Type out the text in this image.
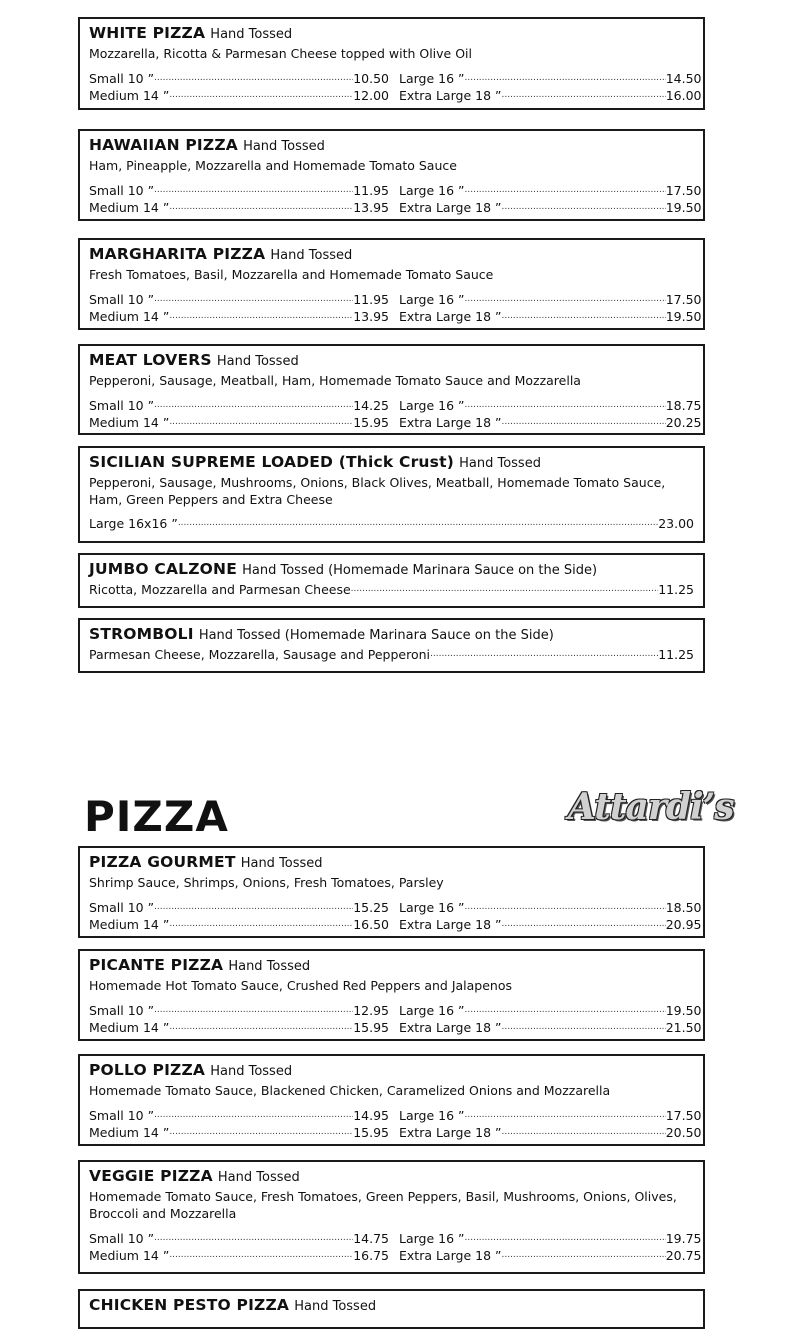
WHITE PIZZA Hand Tossed
Mozzarella, Ricotta & Parmesan Cheese topped with Olive Oil
Small 10 ” .....	10.50 Large 16 ” .....	14.50
Medium 14 ” .....	12.00 Extra Large 18 ” .....	16.00
HAWAIIAN PIZZA Hand Tossed
Ham, Pineapple, Mozzarella and Homemade Tomato Sauce
Small 10 ” .....	11.95 Large 16 ” .....	17.50
Medium 14 ” .....	13.95 Extra Large 18 ” .....	19.50
MARGHARITA PIZZA Hand Tossed
Fresh Tomatoes, Basil, Mozzarella and Homemade Tomato Sauce
Small 10 ” .....	11.95 Large 16 ” .....	17.50
Medium 14 ” .....	13.95 Extra Large 18 ” .....	19.50
MEAT LOVERS Hand Tossed
Pepperoni, Sausage, Meatball, Ham, Homemade Tomato Sauce and Mozzarella
Small 10 ” .....	14.25 Large 16 ” .....	18.75
Medium 14 ” .....	15.95 Extra Large 18 ” .....	20.25
SICILIAN SUPREME LOADED (Thick Crust) Hand Tossed
Pepperoni, Sausage, Mushrooms, Onions, Black Olives, Meatball, Homemade Tomato Sauce, Ham, Green Peppers and Extra Cheese
Large 16x16 ” .....	23.00
JUMBO CALZONE Hand Tossed (Homemade Marinara Sauce on the Side)
Ricotta, Mozzarella and Parmesan Cheese .....	11.25
STROMBOLI Hand Tossed (Homemade Marinara Sauce on the Side)
Parmesan Cheese, Mozzarella, Sausage and Pepperoni .....	11.25
PIZZA	Attardi’s
PIZZA GOURMET Hand Tossed
Shrimp Sauce, Shrimps, Onions, Fresh Tomatoes, Parsley
Small 10 ” .....	15.25 Large 16 ” .....	18.50
Medium 14 ” .....	16.50 Extra Large 18 ” .....	20.95
PICANTE PIZZA Hand Tossed
Homemade Hot Tomato Sauce, Crushed Red Peppers and Jalapenos
Small 10 ” .....	12.95 Large 16 ” .....	19.50
Medium 14 ” .....	15.95 Extra Large 18 ” .....	21.50
POLLO PIZZA Hand Tossed
Homemade Tomato Sauce, Blackened Chicken, Caramelized Onions and Mozzarella
Small 10 ” .....	14.95 Large 16 ” .....	17.50
Medium 14 ” .....	15.95 Extra Large 18 ” .....	20.50
VEGGIE PIZZA Hand Tossed
Homemade Tomato Sauce, Fresh Tomatoes, Green Peppers, Basil, Mushrooms, Onions, Olives, Broccoli and Mozzarella
Small 10 ” .....	14.75 Large 16 ” .....	19.75
Medium 14 ” .....	16.75 Extra Large 18 ” .....	20.75
CHICKEN PESTO PIZZA Hand Tossed
